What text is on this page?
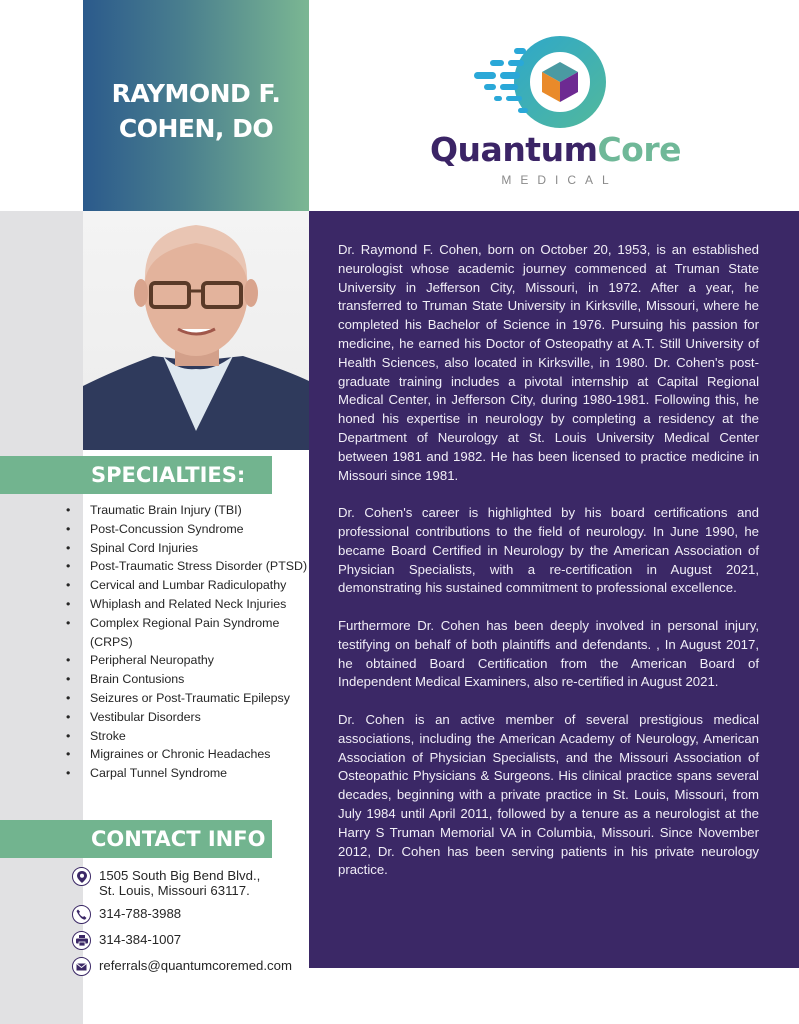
RAYMOND F.
COHEN, DO
QuantumCore
MEDICAL

Dr. Raymond F. Cohen, born on October 20, 1953, is an established neurologist whose academic journey commenced at Truman State University in Jefferson City, Missouri, in 1972. After a year, he transferred to Truman State University in Kirksville, Missouri, where he completed his Bachelor of Science in 1976. Pursuing his passion for medicine, he earned his Doctor of Osteopathy at A.T. Still University of Health Sciences, also located in Kirksville, in 1980. Dr. Cohen's post-graduate training includes a pivotal internship at Capital Regional Medical Center, in Jefferson City, during 1980-1981. Following this, he honed his expertise in neurology by completing a residency at the Department of Neurology at St. Louis University Medical Center between 1981 and 1982. He has been licensed to practice medicine in Missouri since 1981.

Dr. Cohen's career is highlighted by his board certifications and professional contributions to the field of neurology. In June 1990, he became Board Certified in Neurology by the American Association of Physician Specialists, with a re-certification in August 2021, demonstrating his sustained commitment to professional excellence.

Furthermore Dr. Cohen has been deeply involved in personal injury, testifying on behalf of both plaintiffs and defendants. , In August 2017, he obtained Board Certification from the American Board of Independent Medical Examiners, also re-certified in August 2021.

Dr. Cohen is an active member of several prestigious medical associations, including the American Academy of Neurology, American Association of Physician Specialists, and the Missouri Association of Osteopathic Physicians & Surgeons. His clinical practice spans several decades, beginning with a private practice in St. Louis, Missouri, from July 1984 until April 2011, followed by a tenure as a neurologist at the Harry S Truman Memorial VA in Columbia, Missouri. Since November 2012, Dr. Cohen has been serving patients in his private neurology practice.

SPECIALTIES:
• Traumatic Brain Injury (TBI)
• Post-Concussion Syndrome
• Spinal Cord Injuries
• Post-Traumatic Stress Disorder (PTSD)
• Cervical and Lumbar Radiculopathy
• Whiplash and Related Neck Injuries
• Complex Regional Pain Syndrome (CRPS)
• Peripheral Neuropathy
• Brain Contusions
• Seizures or Post-Traumatic Epilepsy
• Vestibular Disorders
• Stroke
• Migraines or Chronic Headaches
• Carpal Tunnel Syndrome
CONTACT INFO
1505 South Big Bend Blvd.,
St. Louis, Missouri 63117.
314-788-3988
314-384-1007
referrals@quantumcoremed.com
